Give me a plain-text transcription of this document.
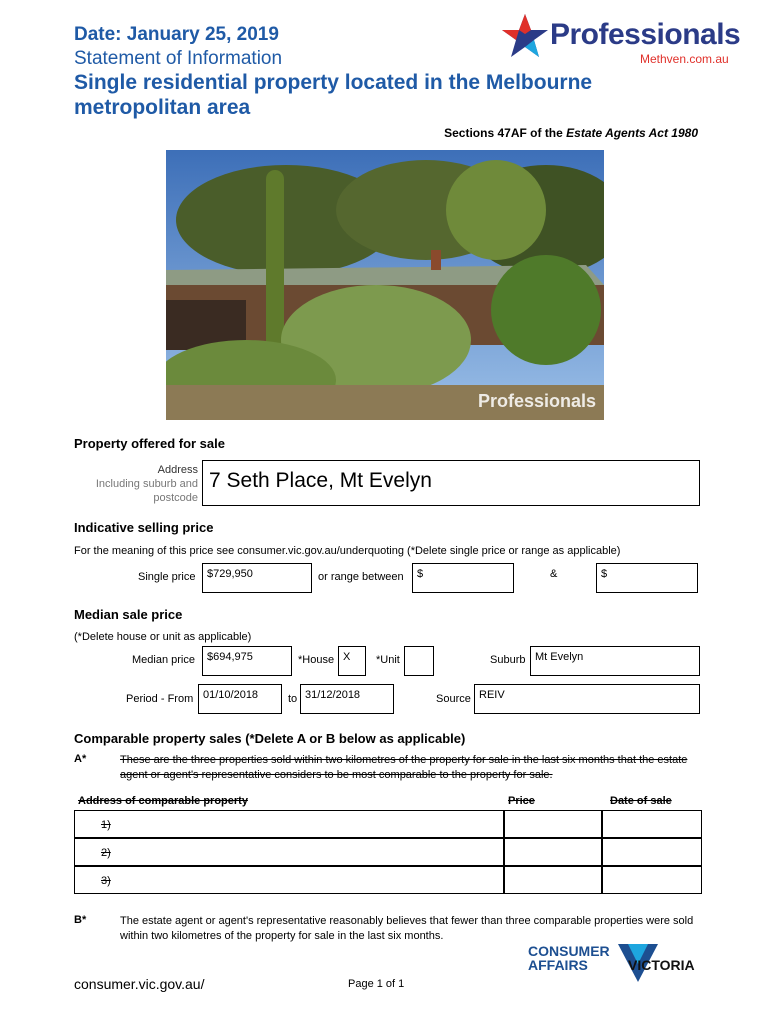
Date: January 25, 2019
Statement of Information
Single residential property located in the Melbourne metropolitan area
Professionals
Methven.com.au
Sections 47AF of the Estate Agents Act 1980
Professionals
Property offered for sale
Address
Including suburb and
postcode
7 Seth Place, Mt Evelyn
Indicative selling price
For the meaning of this price see consumer.vic.gov.au/underquoting (*Delete single price or range as applicable)
Single price	$729,950	or range between	$	&	$
Median sale price
(*Delete house or unit as applicable)
Median price	$694,975	*House X	*Unit	Suburb Mt Evelyn
Period - From 01/10/2018	to 31/12/2018	Source REIV
Comparable property sales (*Delete A or B below as applicable)
A*	These are the three properties sold within two kilometres of the property for sale in the last six months that the estate agent or agent's representative considers to be most comparable to the property for sale.
Address of comparable property	Price	Date of sale
1)
2)
3)
B*	The estate agent or agent's representative reasonably believes that fewer than three comparable properties were sold within two kilometres of the property for sale in the last six months.
consumer.vic.gov.au/	Page 1 of 1
CONSUMER
AFFAIRS	VICTORIA
